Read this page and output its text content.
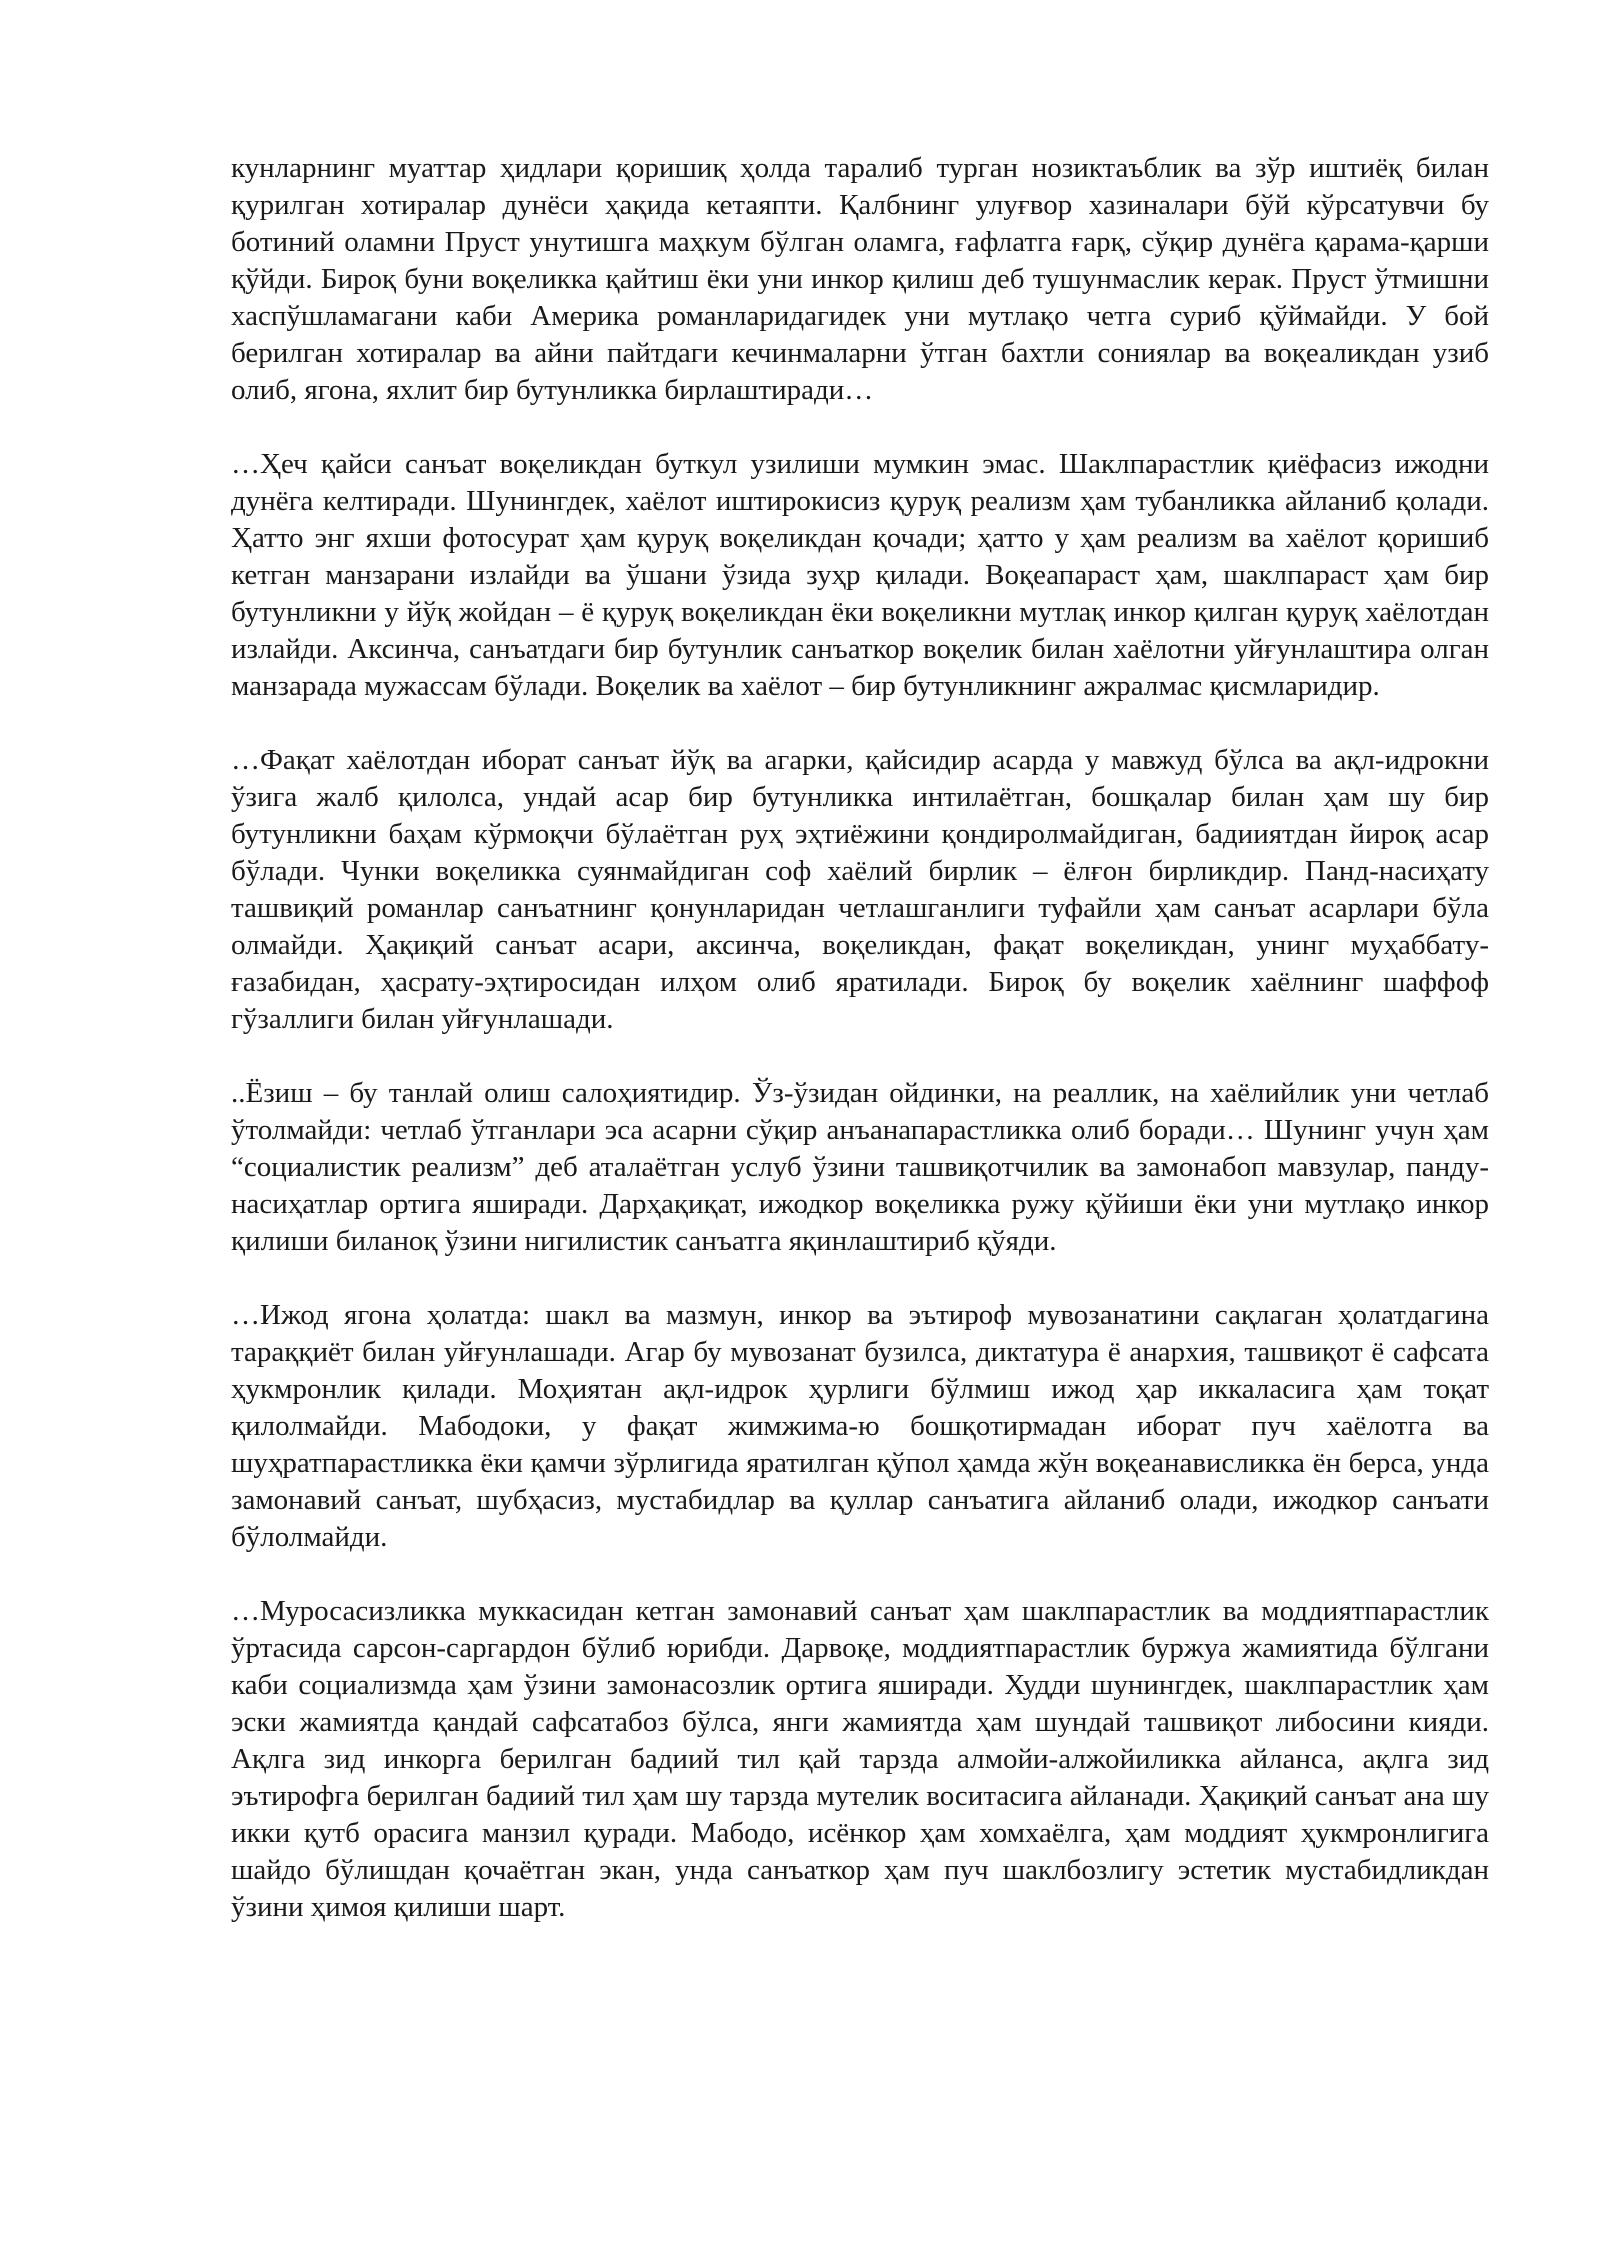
кунларнинг муаттар ҳидлари қоришиқ ҳолда таралиб турган нозиктаъблик ва зўр иштиёқ билан қурилган хотиралар дунёси ҳақида кетаяпти. Қалбнинг улуғвор хазиналари бўй кўрсатувчи бу ботиний оламни Пруст унутишга маҳкум бўлган оламга, ғафлатга ғарқ, сўқир дунёга қарама-қарши қўйди. Бироқ буни воқеликка қайтиш ёки уни инкор қилиш деб тушунмаслик керак. Пруст ўтмишни хаспўшламагани каби Америка романларидагидек уни мутлақо четга суриб қўймайди. У бой берилган хотиралар ва айни пайтдаги кечинмаларни ўтган бахтли сониялар ва воқеаликдан узиб олиб, ягона, яхлит бир бутунликка бирлаштиради…

…Ҳеч қайси санъат воқеликдан буткул узилиши мумкин эмас. Шаклпарастлик қиёфасиз ижодни дунёга келтиради. Шунингдек, хаёлот иштирокисиз қуруқ реализм ҳам тубанликка айланиб қолади. Ҳатто энг яхши фотосурат ҳам қуруқ воқеликдан қочади; ҳатто у ҳам реализм ва хаёлот қоришиб кетган манзарани излайди ва ўшани ўзида зуҳр қилади. Воқеапараст ҳам, шаклпараст ҳам бир бутунликни у йўқ жойдан – ё қуруқ воқеликдан ёки воқеликни мутлақ инкор қилган қуруқ хаёлотдан излайди. Аксинча, санъатдаги бир бутунлик санъаткор воқелик билан хаёлотни уйғунлаштира олган манзарада мужассам бўлади. Воқелик ва хаёлот – бир бутунликнинг ажралмас қисмларидир.

…Фақат хаёлотдан иборат санъат йўқ ва агарки, қайсидир асарда у мавжуд бўлса ва ақл-идрокни ўзига жалб қилолса, ундай асар бир бутунликка интилаётган, бошқалар билан ҳам шу бир бутунликни баҳам кўрмоқчи бўлаётган руҳ эҳтиёжини қондиролмайдиган, бадииятдан йироқ асар бўлади. Чунки воқеликка суянмайдиган соф хаёлий бирлик – ёлғон бирликдир. Панд-насиҳату ташвиқий романлар санъатнинг қонунларидан четлашганлиги туфайли ҳам санъат асарлари бўла олмайди. Ҳақиқий санъат асари, аксинча, воқеликдан, фақат воқеликдан, унинг муҳаббату-ғазабидан, ҳасрату-эҳтиросидан илҳом олиб яратилади. Бироқ бу воқелик хаёлнинг шаффоф гўзаллиги билан уйғунлашади.

..Ёзиш – бу танлай олиш салоҳиятидир. Ўз-ўзидан ойдинки, на реаллик, на хаёлийлик уни четлаб ўтолмайди: четлаб ўтганлари эса асарни сўқир анъанапарастликка олиб боради… Шунинг учун ҳам “социалистик реализм” деб аталаётган услуб ўзини ташвиқотчилик ва замонабоп мавзулар, панду-насиҳатлар ортига яширади. Дарҳақиқат, ижодкор воқеликка ружу қўйиши ёки уни мутлақо инкор қилиши биланоқ ўзини нигилистик санъатга яқинлаштириб қўяди.

…Ижод ягона ҳолатда: шакл ва мазмун, инкор ва эътироф мувозанатини сақлаган ҳолатдагина тараққиёт билан уйғунлашади. Агар бу мувозанат бузилса, диктатура ё анархия, ташвиқот ё сафсата ҳукмронлик қилади. Моҳиятан ақл-идрок ҳурлиги бўлмиш ижод ҳар иккаласига ҳам тоқат қилолмайди. Мабодоки, у фақат жимжима-ю бошқотирмадан иборат пуч хаёлотга ва шуҳратпарастликка ёки қамчи зўрлигида яратилган қўпол ҳамда жўн воқеанависликка ён берса, унда замонавий санъат, шубҳасиз, мустабидлар ва қуллар санъатига айланиб олади, ижодкор санъати бўлолмайди.

…Муросасизликка муккасидан кетган замонавий санъат ҳам шаклпарастлик ва моддиятпарастлик ўртасида сарсон-саргардон бўлиб юрибди. Дарвоқе, моддиятпарастлик буржуа жамиятида бўлгани каби социализмда ҳам ўзини замонасозлик ортига яширади. Худди шунингдек, шаклпарастлик ҳам эски жамиятда қандай сафсатабоз бўлса, янги жамиятда ҳам шундай ташвиқот либосини кияди. Ақлга зид инкорга берилган бадиий тил қай тарзда алмойи-алжойиликка айланса, ақлга зид эътирофга берилган бадиий тил ҳам шу тарзда мутелик воситасига айланади. Ҳақиқий санъат ана шу икки қутб орасига манзил қуради. Мабодо, исёнкор ҳам хомхаёлга, ҳам моддият ҳукмронлигига шайдо бўлишдан қочаётган экан, унда санъаткор ҳам пуч шаклбозлигу эстетик мустабидликдан ўзини ҳимоя қилиши шарт.
